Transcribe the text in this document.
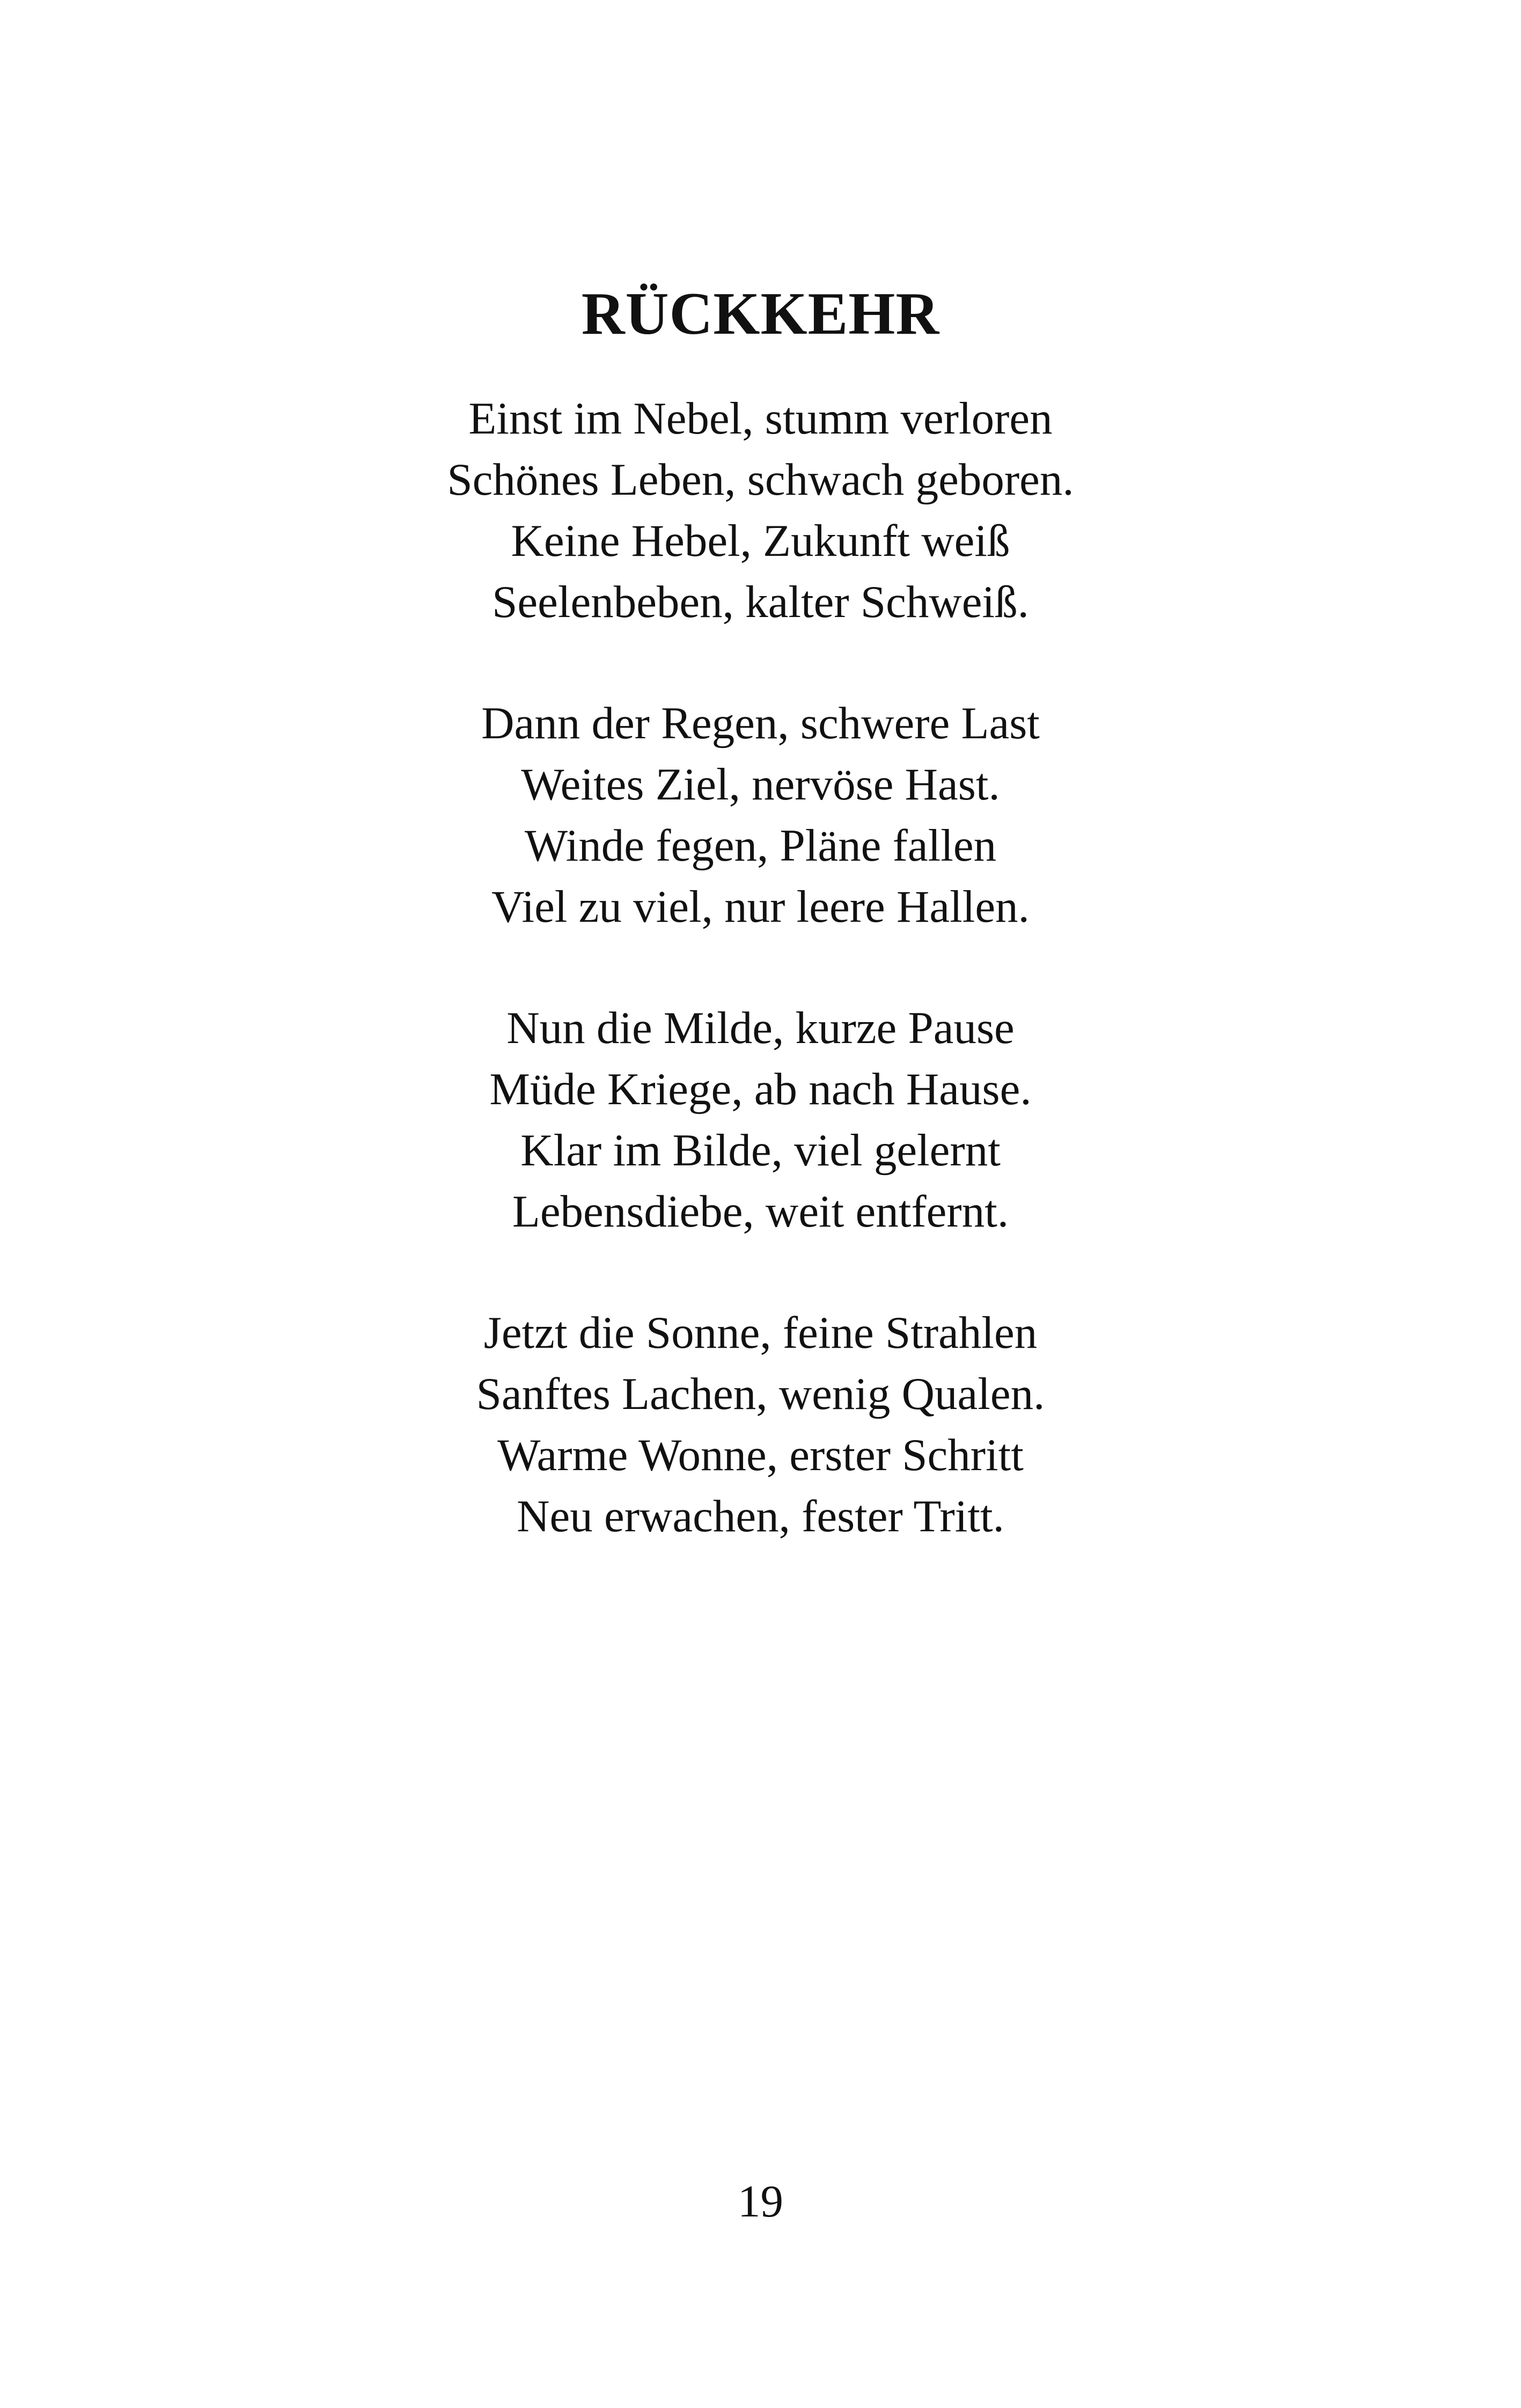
RÜCKKEHR
Einst im Nebel, stumm verloren
Schönes Leben, schwach geboren.
Keine Hebel, Zukunft weiß
Seelenbeben, kalter Schweiß.
Dann der Regen, schwere Last
Weites Ziel, nervöse Hast.
Winde fegen, Pläne fallen
Viel zu viel, nur leere Hallen.
Nun die Milde, kurze Pause
Müde Kriege, ab nach Hause.
Klar im Bilde, viel gelernt
Lebensdiebe, weit entfernt.
Jetzt die Sonne, feine Strahlen
Sanftes Lachen, wenig Qualen.
Warme Wonne, erster Schritt
Neu erwachen, fester Tritt.
19
